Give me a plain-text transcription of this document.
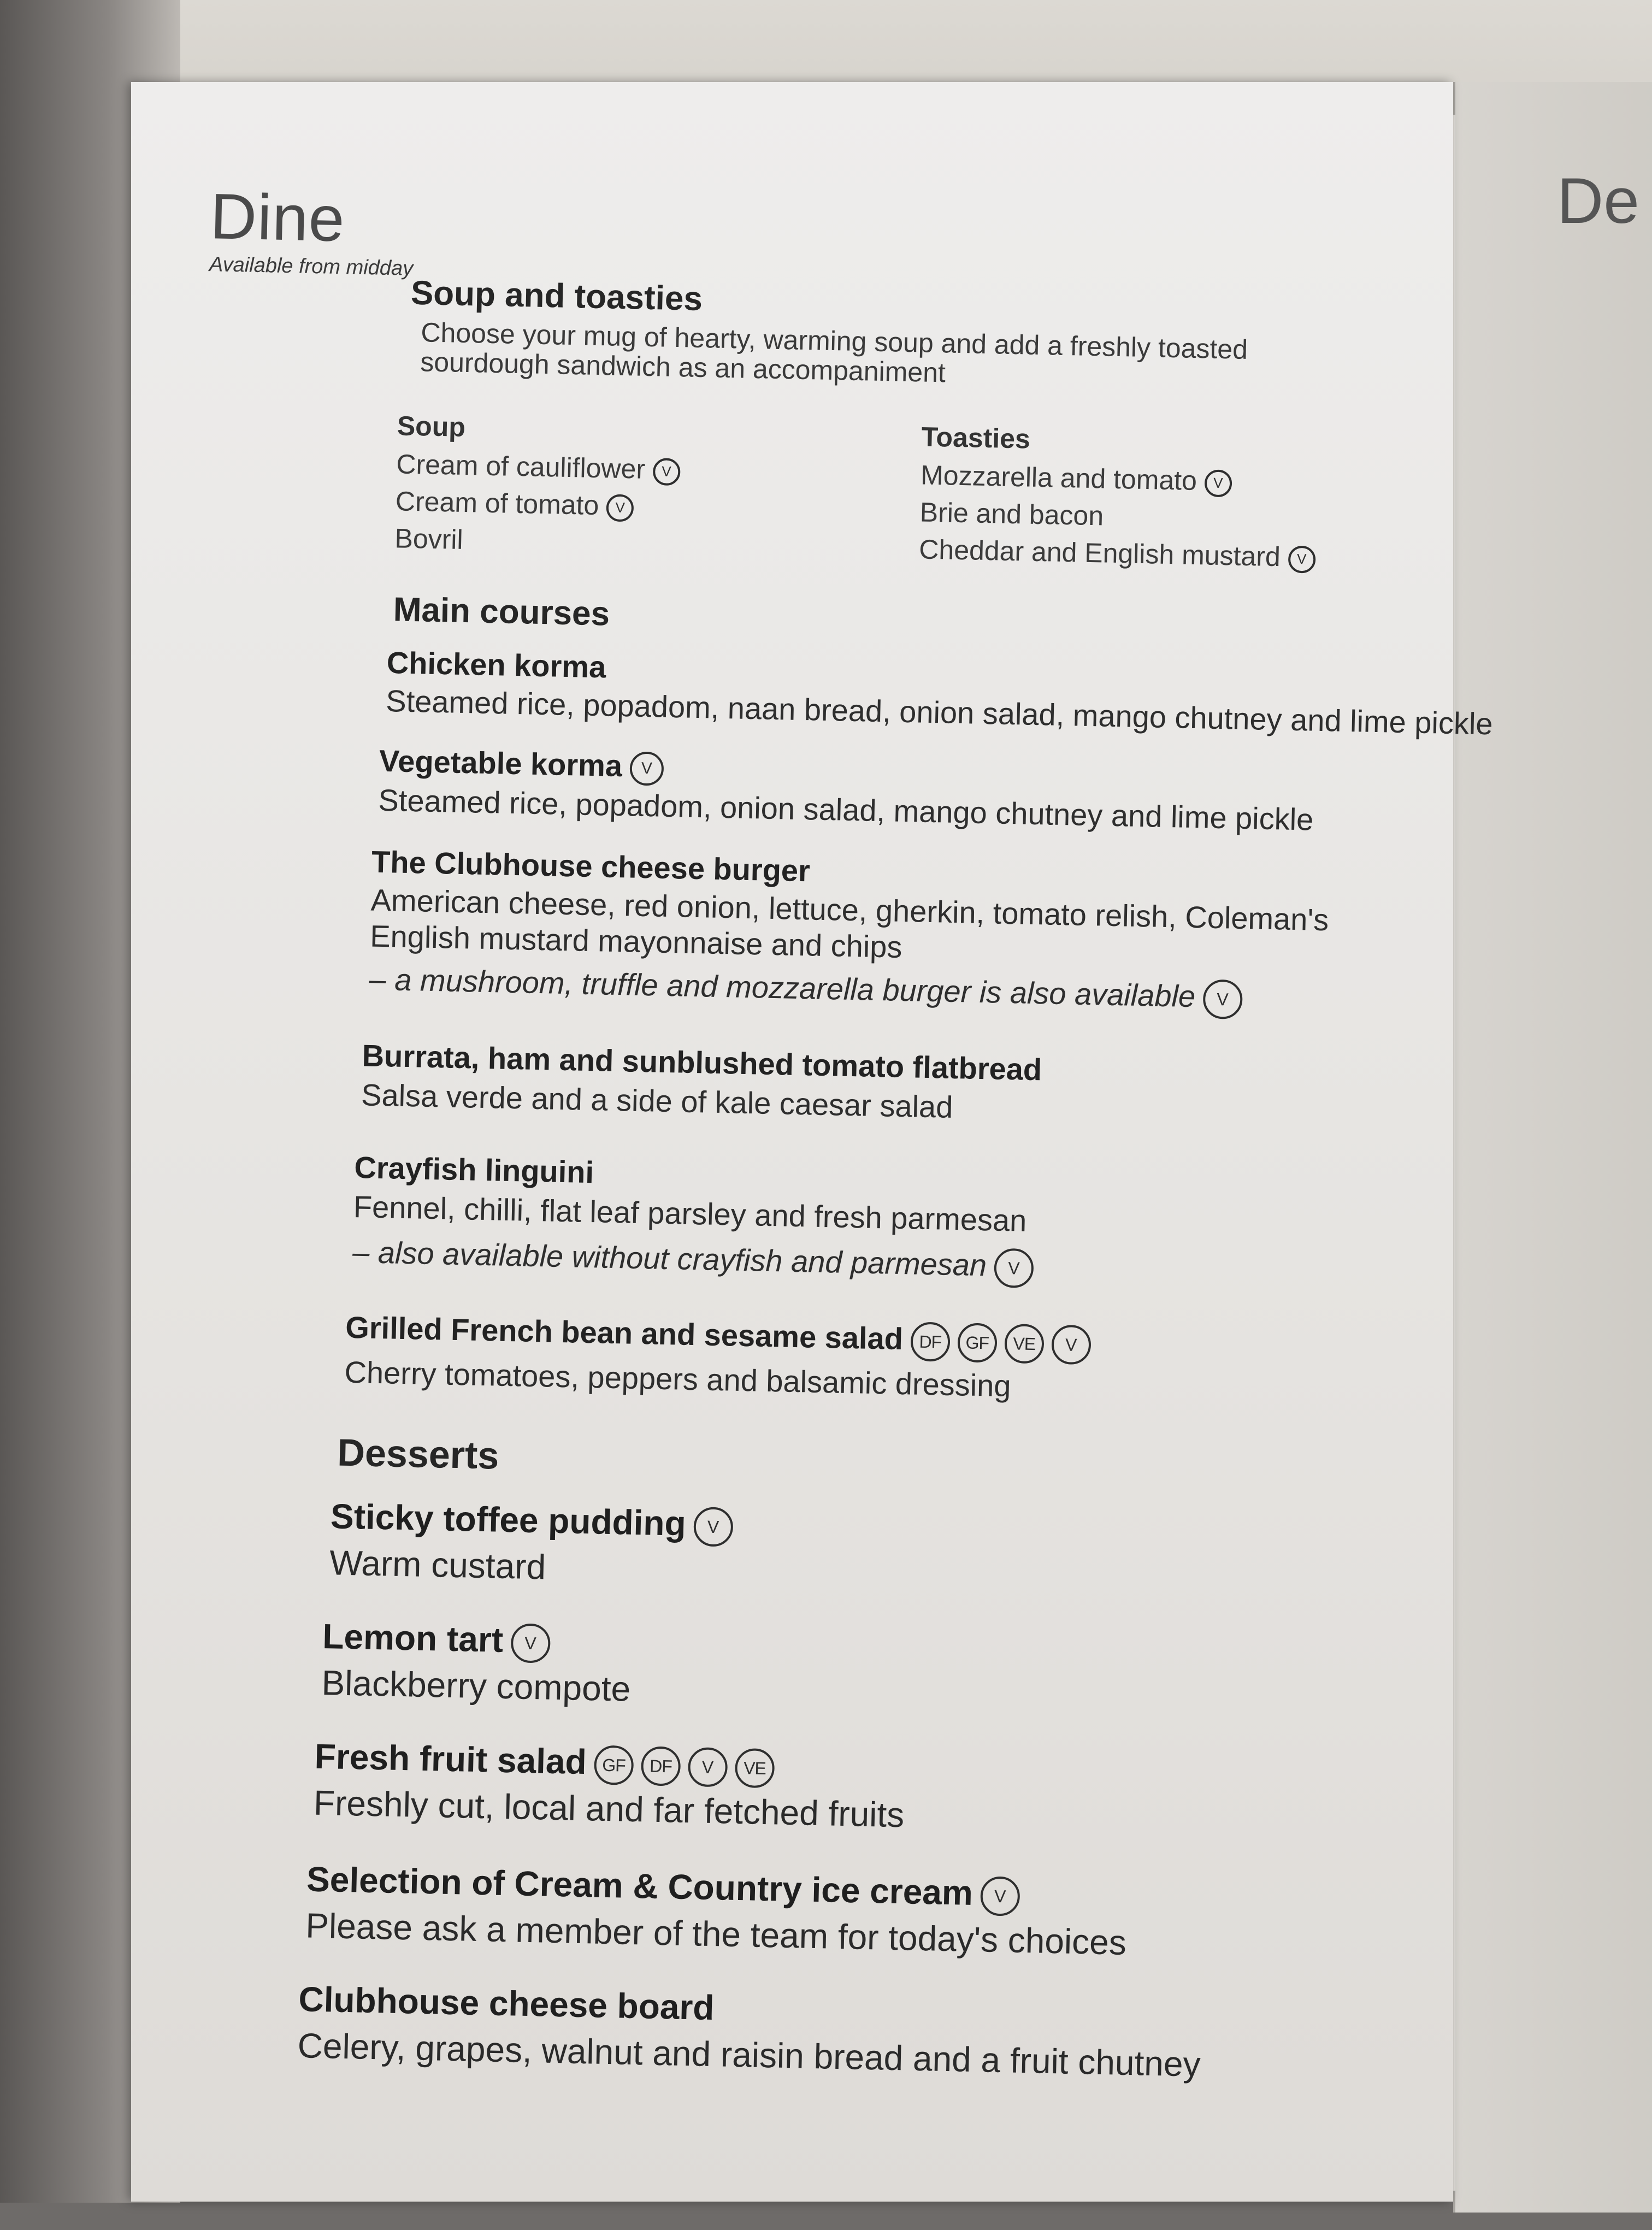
De
Dine
Available from midday
Soup and toasties
Choose your mug of hearty, warming soup and add a freshly toasted sourdough sandwich as an accompaniment
Soup
Cream of cauliflower V
Cream of tomato V
Bovril
Toasties
Mozzarella and tomato V
Brie and bacon
Cheddar and English mustard V
Main courses
Chicken korma
Steamed rice, popadom, naan bread, onion salad, mango chutney and lime pickle
Vegetable korma V
Steamed rice, popadom, onion salad, mango chutney and lime pickle
The Clubhouse cheese burger
American cheese, red onion, lettuce, gherkin, tomato relish, Coleman's English mustard mayonnaise and chips
– a mushroom, truffle and mozzarella burger is also available V
Burrata, ham and sunblushed tomato flatbread
Salsa verde and a side of kale caesar salad
Crayfish linguini
Fennel, chilli, flat leaf parsley and fresh parmesan
– also available without crayfish and parmesan V
Grilled French bean and sesame salad DF GF VE V
Cherry tomatoes, peppers and balsamic dressing
Desserts
Sticky toffee pudding V
Warm custard
Lemon tart V
Blackberry compote
Fresh fruit salad GF DF V VE
Freshly cut, local and far fetched fruits
Selection of Cream & Country ice cream V
Please ask a member of the team for today's choices
Clubhouse cheese board
Celery, grapes, walnut and raisin bread and a fruit chutney
